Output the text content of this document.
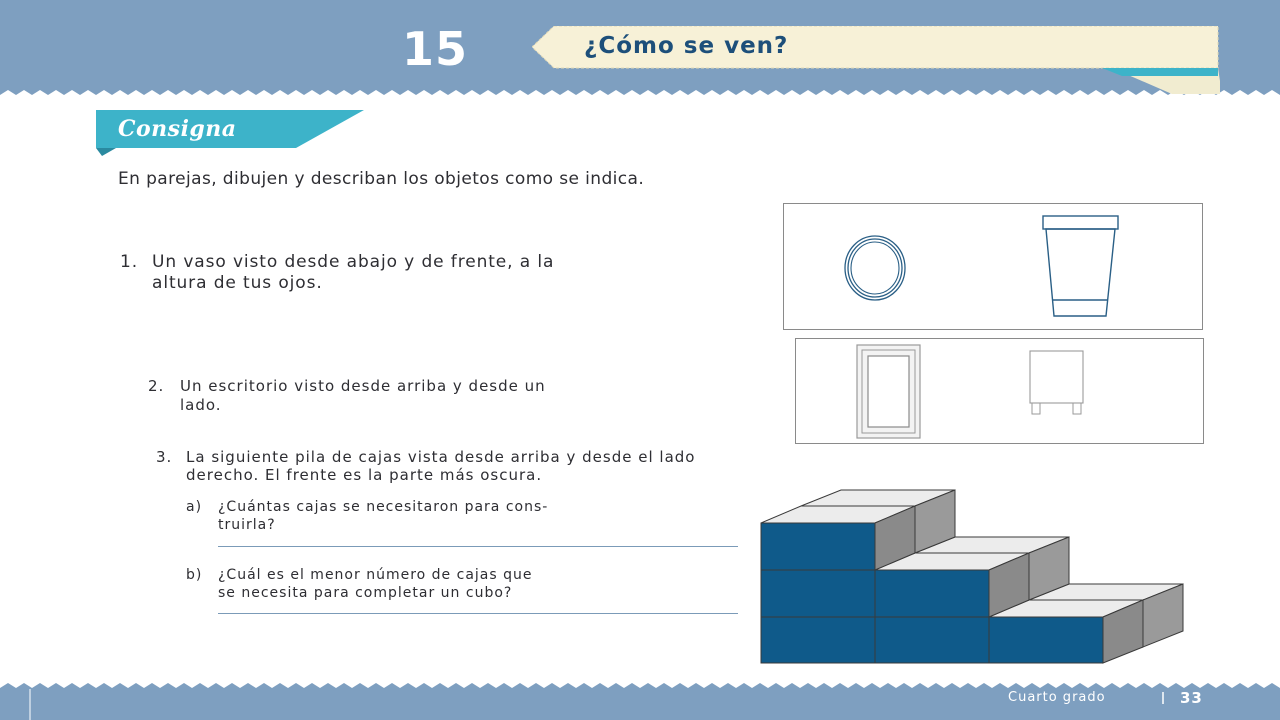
15	¿Cómo se ven?
Consigna
En parejas, dibujen y describan los objetos como se indica.
1. Un vaso visto desde abajo y de frente, a la
altura de tus ojos.
2. Un escritorio visto desde arriba y desde un
lado.
3. La siguiente pila de cajas vista desde arriba y desde el lado
derecho. El frente es la parte más oscura.
a) ¿Cuántas cajas se necesitaron para cons-
truirla?
b) ¿Cuál es el menor número de cajas que
se necesita para completar un cubo?
Cuarto grado	33
